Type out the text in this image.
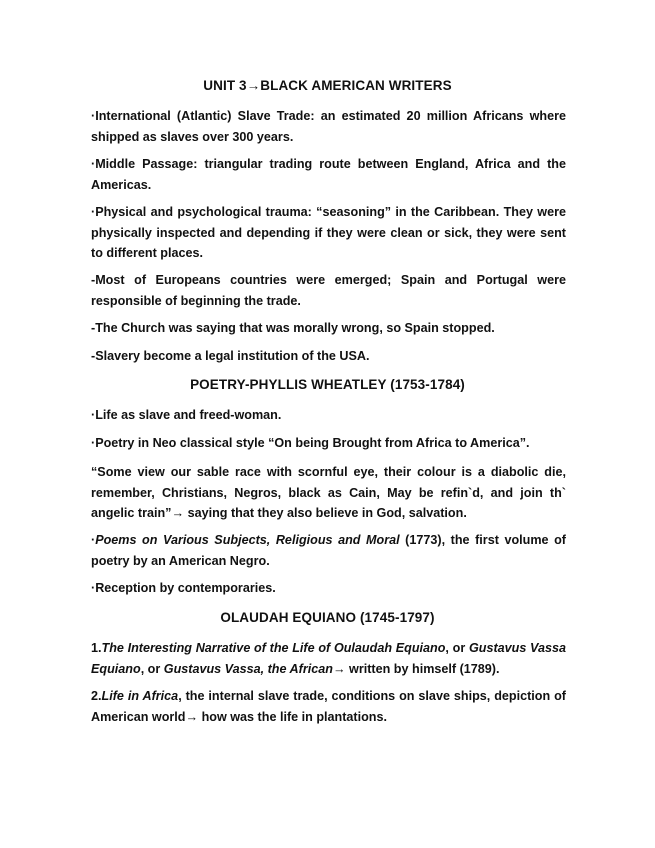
UNIT 3→BLACK AMERICAN WRITERS
·International (Atlantic) Slave Trade: an estimated 20 million Africans where shipped as slaves over 300 years.
·Middle Passage: triangular trading route between England, Africa and the Americas.
·Physical and psychological trauma: “seasoning” in the Caribbean. They were physically inspected and depending if they were clean or sick, they were sent to different places.
-Most of Europeans countries were emerged; Spain and Portugal were responsible of beginning the trade.
-The Church was saying that was morally wrong, so Spain stopped.
-Slavery become a legal institution of the USA.
POETRY-PHYLLIS WHEATLEY (1753-1784)
·Life as slave and freed-woman.
·Poetry in Neo classical style “On being Brought from Africa to America”.
“Some view our sable race with scornful eye, their colour is a diabolic die, remember, Christians, Negros, black as Cain, May be refin`d, and join th` angelic train”→ saying that they also believe in God, salvation.
·Poems on Various Subjects, Religious and Moral (1773), the first volume of poetry by an American Negro.
·Reception by contemporaries.
OLAUDAH EQUIANO (1745-1797)
1.The Interesting Narrative of the Life of Oulaudah Equiano, or Gustavus Vassa Equiano, or Gustavus Vassa, the African→ written by himself (1789).
2.Life in Africa, the internal slave trade, conditions on slave ships, depiction of American world→ how was the life in plantations.
